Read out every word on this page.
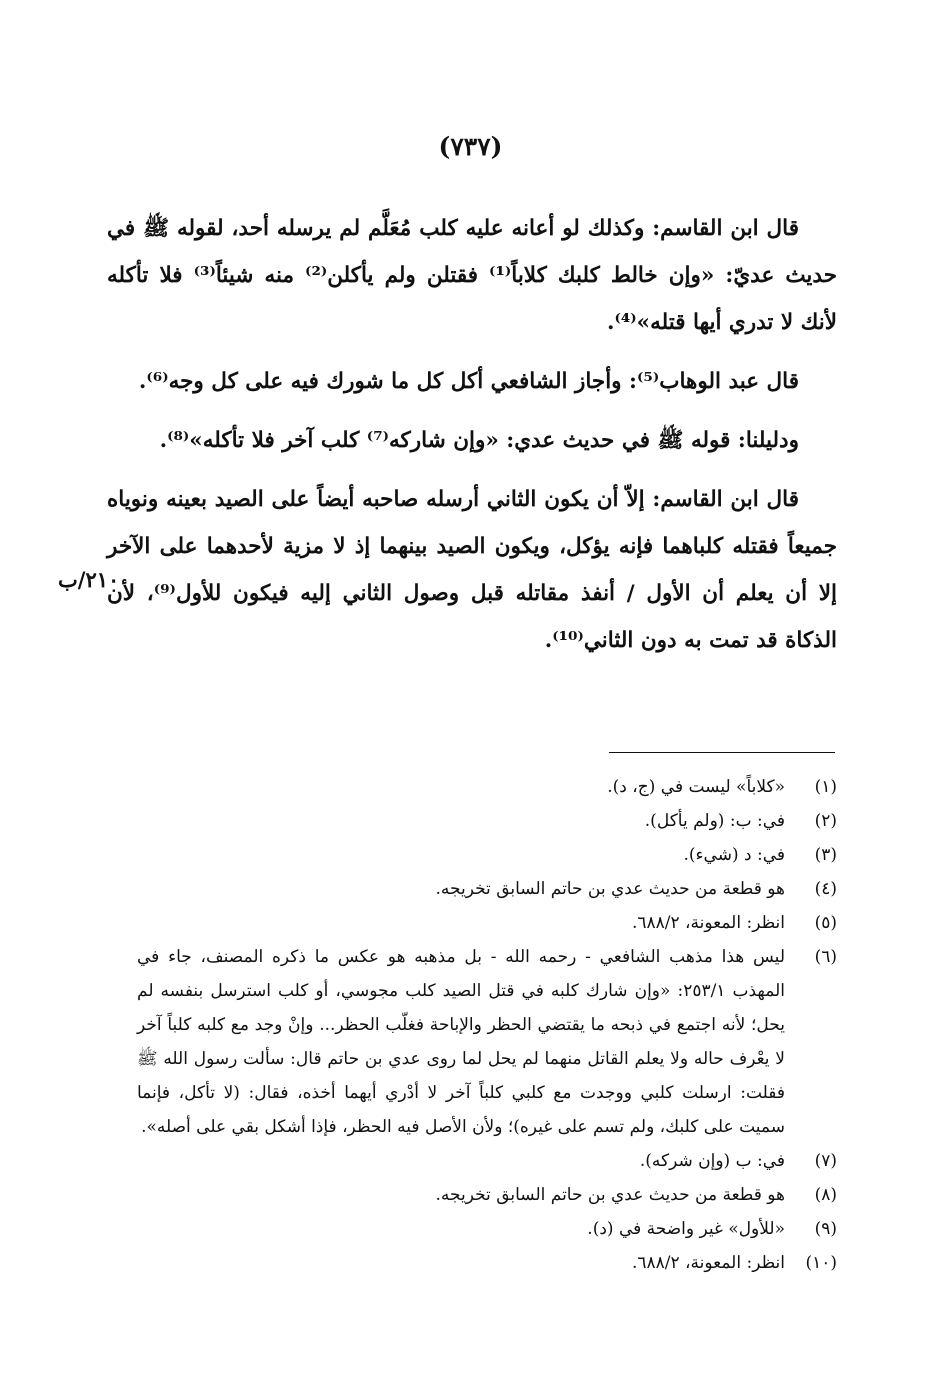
(٧٣٧)

قال ابن القاسم: وكذلك لو أعانه عليه كلب مُعَلَّم لم يرسله أحد، لقوله ﷺ في حديث عديّ: «وإن خالط كلبك كلاباً⁽¹⁾ فقتلن ولم يأكلن⁽²⁾ منه شيئاً⁽³⁾ فلا تأكله لأنك لا تدري أيها قتله»⁽⁴⁾.

قال عبد الوهاب⁽⁵⁾: وأجاز الشافعي أكل كل ما شورك فيه على كل وجه⁽⁶⁾.

ودليلنا: قوله ﷺ في حديث عدي: «وإن شاركه⁽⁷⁾ كلب آخر فلا تأكله»⁽⁸⁾.

قال ابن القاسم: إلاّ أن يكون الثاني أرسله صاحبه أيضاً على الصيد بعينه ونوياه جميعاً فقتله كلباهما فإنه يؤكل، ويكون الصيد بينهما إذ لا مزية لأحدهما على الآخر إلا أن يعلم أن الأول / أنفذ مقاتله قبل وصول الثاني إليه فيكون للأول⁽⁹⁾، لأن الذكاة قد تمت به دون الثاني⁽¹⁰⁾.

٢١٠/ب
(١)
«كلاباً» ليست في (ج، د).
(٢)
في: ب: (ولم يأكل).
(٣)
في: د (شيء).
(٤)
هو قطعة من حديث عدي بن حاتم السابق تخريجه.
(٥)
انظر: المعونة، ٦٨٨/٢.
(٦)
ليس هذا مذهب الشافعي - رحمه الله - بل مذهبه هو عكس ما ذكره المصنف، جاء في المهذب ٢٥٣/١: «وإن شارك كلبه في قتل الصيد كلب مجوسي، أو كلب استرسل بنفسه لم يحل؛ لأنه اجتمع في ذبحه ما يقتضي الحظر والإباحة فغلّب الحظر... وإنْ وجد مع كلبه كلباً آخر لا يعْرف حاله ولا يعلم القاتل منهما لم يحل لما روى عدي بن حاتم قال: سألت رسول الله ﷺ فقلت: ارسلت كلبي ووجدت مع كلبي كلباً آخر لا أدْري أيهما أخذه، فقال: (لا تأكل، فإنما سميت على كلبك، ولم تسم على غيره)؛ ولأن الأصل فيه الحظر، فإذا أشكل بقي على أصله».
(٧)
في: ب (وإن شركه).
(٨)
هو قطعة من حديث عدي بن حاتم السابق تخريجه.
(٩)
«للأول» غير واضحة في (د).
(١٠)
انظر: المعونة، ٦٨٨/٢.
